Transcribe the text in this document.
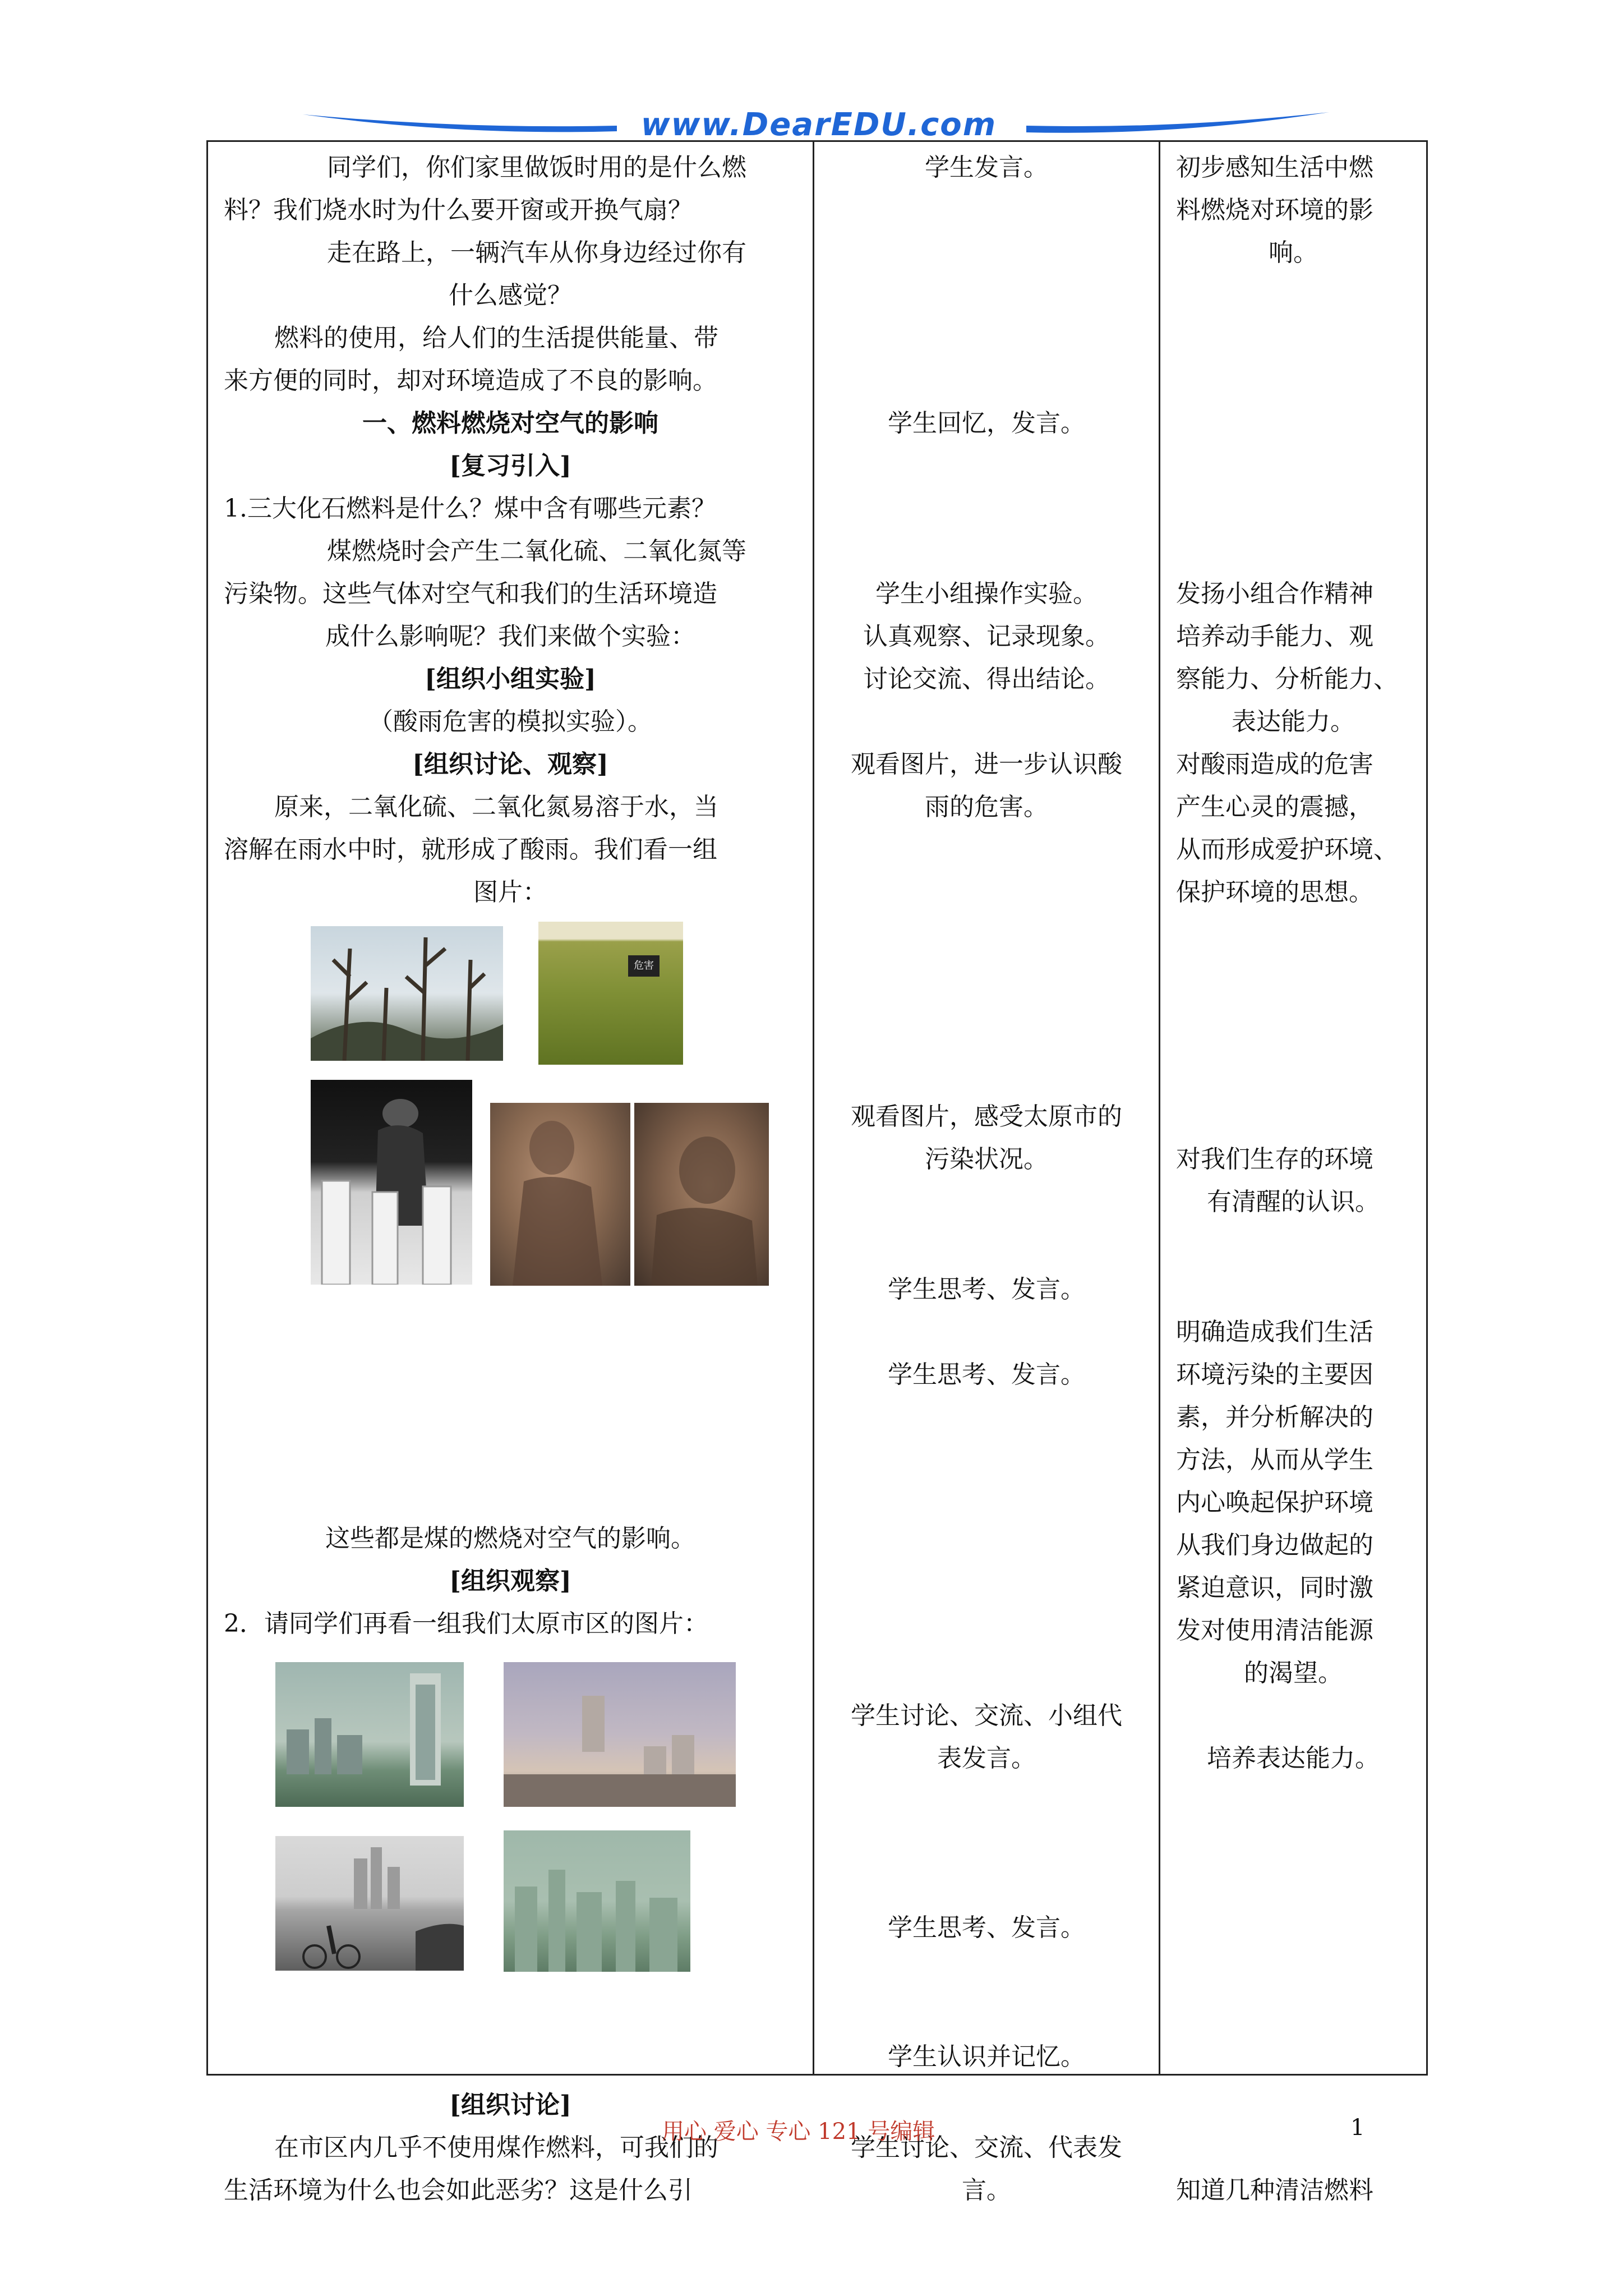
www.DearEDU.com
同学们，你们家里做饭时用的是什么燃
料？我们烧水时为什么要开窗或开换气扇？
走在路上，一辆汽车从你身边经过你有
什么感觉？
燃料的使用，给人们的生活提供能量、带
来方便的同时，却对环境造成了不良的影响。
一、燃料燃烧对空气的影响
[复习引入]
1.三大化石燃料是什么？煤中含有哪些元素？
煤燃烧时会产生二氧化硫、二氧化氮等
污染物。这些气体对空气和我们的生活环境造
成什么影响呢？我们来做个实验：
[组织小组实验]
（酸雨危害的模拟实验）。
[组织讨论、观察]
原来，二氧化硫、二氧化氮易溶于水，当
溶解在雨水中时，就形成了酸雨。我们看一组
图片：
危害
这些都是煤的燃烧对空气的影响。
[组织观察]
2．请同学们再看一组我们太原市区的图片：
[组织讨论]
在市区内几乎不使用煤作燃料，可我们的
生活环境为什么也会如此恶劣？这是什么引
学生发言。
学生回忆，发言。
学生小组操作实验。
认真观察、记录现象。
讨论交流、得出结论。
观看图片，进一步认识酸
雨的危害。
观看图片，感受太原市的
污染状况。
学生思考、发言。
学生思考、发言。
学生讨论、交流、小组代
表发言。
学生思考、发言。
学生认识并记忆。
学生讨论、交流、代表发
言。
初步感知生活中燃
料燃烧对环境的影
响。
发扬小组合作精神
培养动手能力、观
察能力、分析能力、
表达能力。
对酸雨造成的危害
产生心灵的震撼，
从而形成爱护环境、
保护环境的思想。
对我们生存的环境
有清醒的认识。
明确造成我们生活
环境污染的主要因
素，并分析解决的
方法，从而从学生
内心唤起保护环境
从我们身边做起的
紧迫意识，同时激
发对使用清洁能源
的渴望。
培养表达能力。
知道几种清洁燃料
用心 爱心 专心 121 号编辑	1
